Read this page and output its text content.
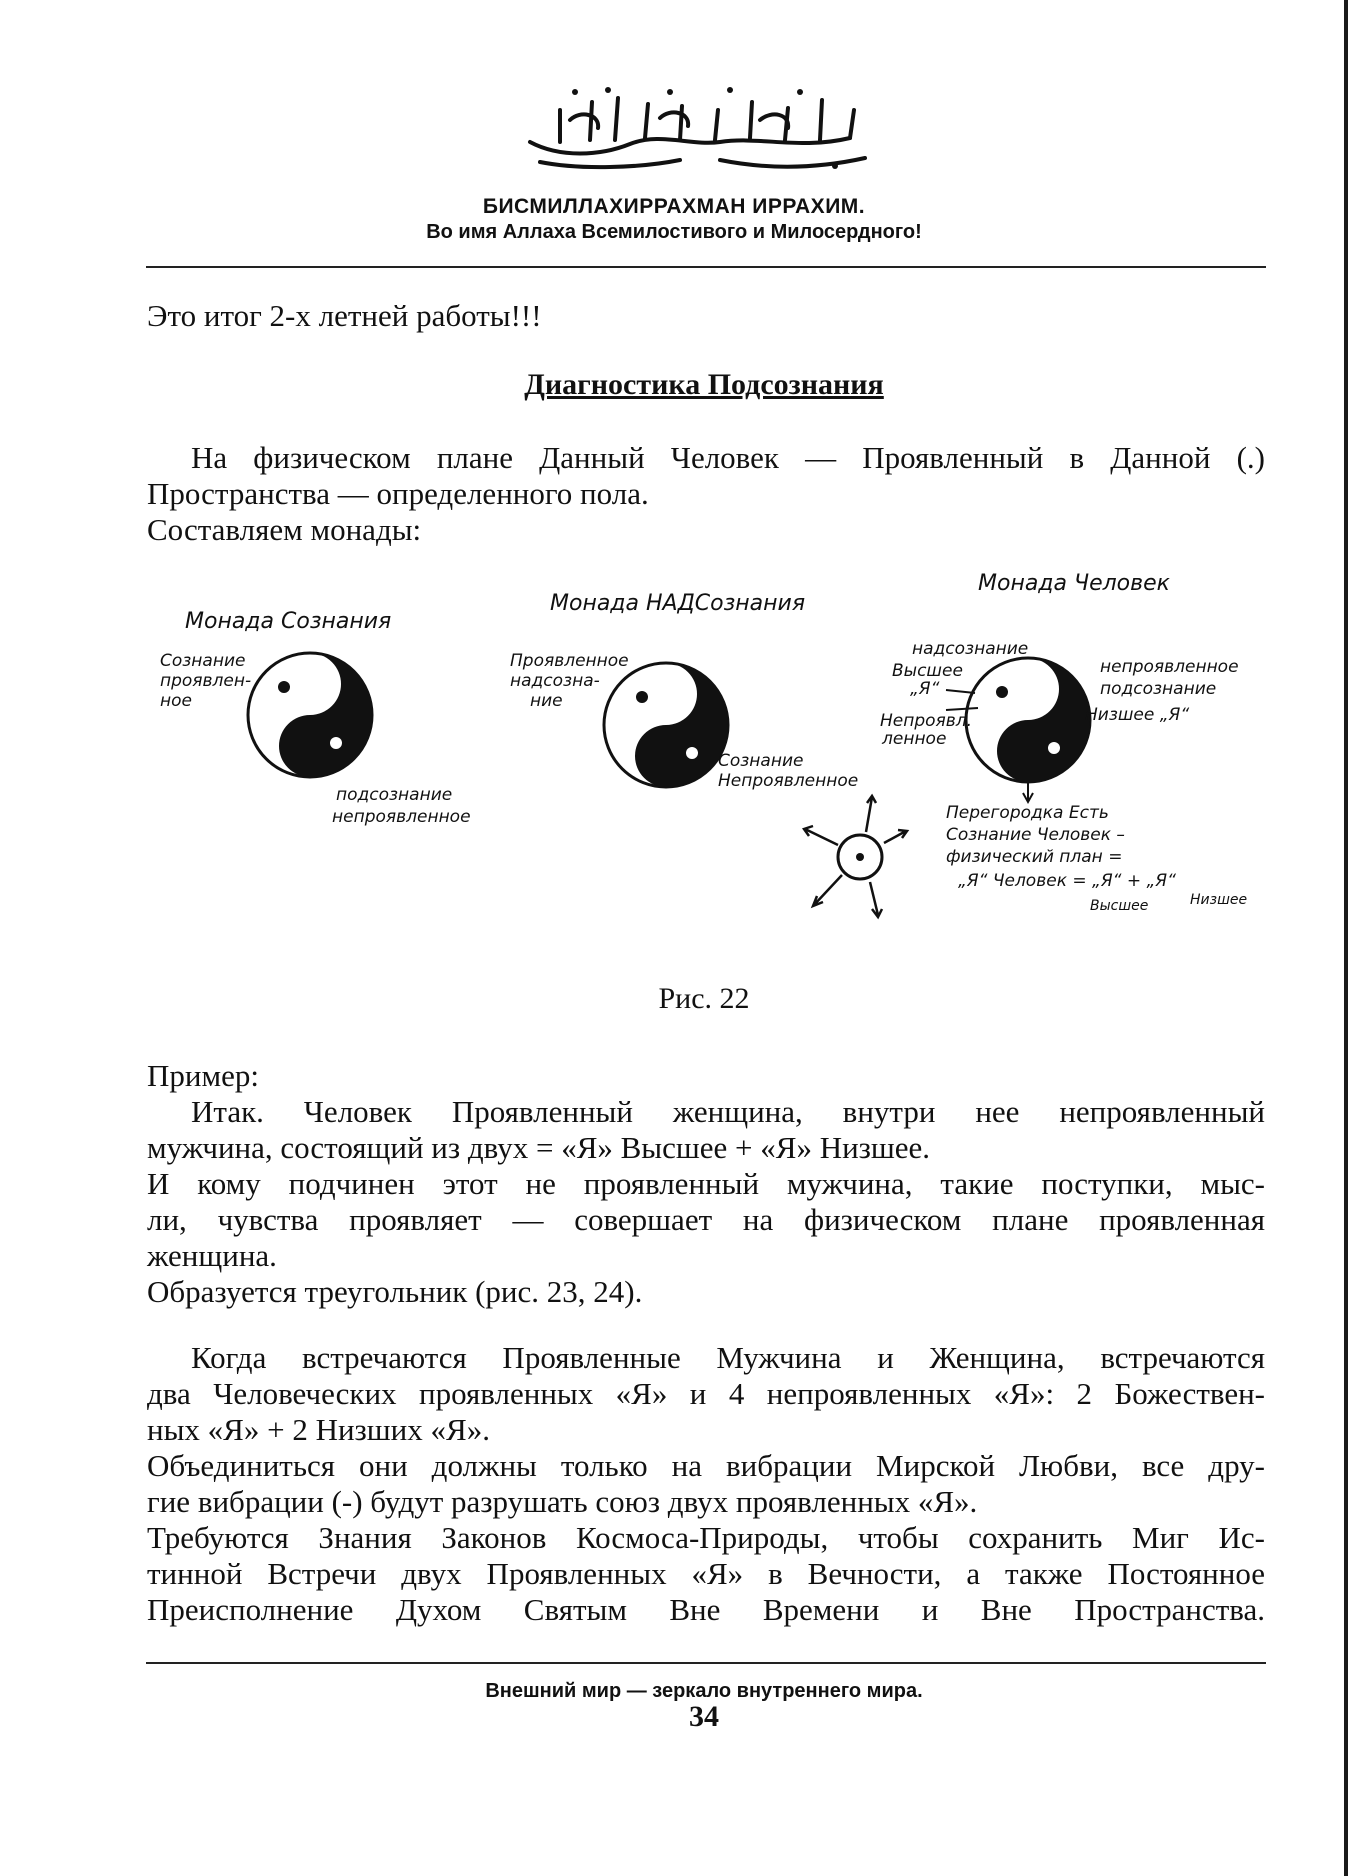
БИСМИЛЛАХИРРАХМАН ИРРАХИМ.
Во имя Аллаха Всемилостивого и Милосердного!
Это итог 2-х летней работы!!!
Диагностика Подсознания
На физическом плане Данный Человек — Проявленный в Данной (.)
Пространства — определенного пола.
Составляем монады:
Монада Сознания
Сознание
проявлен-
ное
подсознание
непроявленное
Монада НАДСознания
Проявленное
надсозна-
ние
Сознание
Непроявленное
Монада Человек
надсознание
Высшее
„Я“
Непроявл.
ленное
непроявленное
подсознание
Низшее „Я“
Перегородка Есть
Сознание Человек –
физический план =
„Я“ Человек = „Я“ + „Я“
Высшее	Низшее
Рис. 22
Пример:
Итак. Человек Проявленный женщина, внутри нее непроявленный
мужчина, состоящий из двух = «Я» Высшее + «Я» Низшее.
И кому подчинен этот не проявленный мужчина, такие поступки, мыс-
ли, чувства проявляет — совершает на физическом плане проявленная
женщина.
Образуется треугольник (рис. 23, 24).
Когда встречаются Проявленные Мужчина и Женщина, встречаются
два Человеческих проявленных «Я» и 4 непроявленных «Я»: 2 Божествен-
ных «Я» + 2 Низших «Я».
Объединиться они должны только на вибрации Мирской Любви, все дру-
гие вибрации (-) будут разрушать союз двух проявленных «Я».
Требуются Знания Законов Космоса-Природы, чтобы сохранить Миг Ис-
тинной Встречи двух Проявленных «Я» в Вечности, а также Постоянное
Преисполнение Духом Святым Вне Времени и Вне Пространства.
Внешний мир — зеркало внутреннего мира.
34
